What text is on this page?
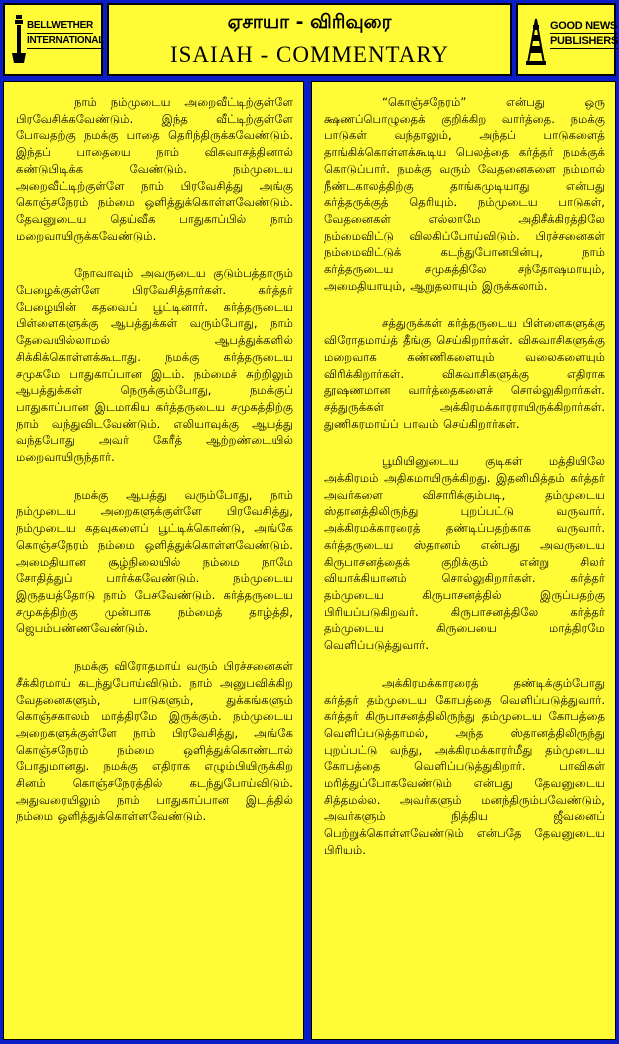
BELLWETHER
INTERNATIONAL
ஏசாயா - விரிவுரை
ISAIAH - COMMENTARY
GOOD NEWS
PUBLISHERS

நாம் நம்முடைய அறைவீட்டிற்குள்ளே பிரவேசிக்கவேண்டும். இந்த வீட்டிற்குள்ளே போவதற்கு நமக்கு பாதை தெரிந்திருக்கவேண்டும். இந்தப் பாதையை நாம் விசுவாசத்தினால் கண்டுபிடிக்க வேண்டும். நம்முடைய அறைவீட்டிற்குள்ளே நாம் பிரவேசித்து அங்கு கொஞ்சநேரம் நம்மை ஒளித்துக்கொள்ளவேண்டும். தேவனுடைய தெய்வீக பாதுகாப்பில் நாம் மறைவாயிருக்கவேண்டும்.

நோவாவும் அவருடைய குடும்பத்தாரும் பேழைக்குள்ளே பிரவேசித்தார்கள். கர்த்தர் பேழையின் கதவைப் பூட்டினார். கர்த்தருடைய பிள்ளைகளுக்கு ஆபத்துக்கள் வரும்போது, நாம் தேவையில்லாமல் ஆபத்துக்களில் சிக்கிக்கொள்ளக்கூடாது. நமக்கு கர்த்தருடைய சமுகமே பாதுகாப்பான இடம். நம்மைச் சுற்றிலும் ஆபத்துக்கள் நெருக்கும்போது, நமக்குப் பாதுகாப்பான இடமாகிய கர்த்தருடைய சமுகத்திற்கு நாம் வந்துவிடவேண்டும். எலியாவுக்கு ஆபத்து வந்தபோது அவர் கேரீத் ஆற்றண்டையில் மறைவாயிருந்தார்.

நமக்கு ஆபத்து வரும்போது, நாம் நம்முடைய அறைகளுக்குள்ளே பிரவேசித்து, நம்முடைய கதவுகளைப் பூட்டிக்கொண்டு, அங்கே கொஞ்சநேரம் நம்மை ஒளித்துக்கொள்ளவேண்டும். அமைதியான சூழ்நிலையில் நம்மை நாமே சோதித்துப் பார்க்கவேண்டும். நம்முடைய இருதயத்தோடு நாம் பேசவேண்டும். கர்த்தருடைய சமுகத்திற்கு முன்பாக நம்மைத் தாழ்த்தி, ஜெபம்பண்ணவேண்டும்.

நமக்கு விரோதமாய் வரும் பிரச்சனைகள் சீக்கிரமாய் கடந்துபோய்விடும். நாம் அனுபவிக்கிற வேதனைகளும், பாடுகளும், துக்கங்களும் கொஞ்சகாலம் மாத்திரமே இருக்கும். நம்முடைய அறைகளுக்குள்ளே நாம் பிரவேசித்து, அங்கே கொஞ்சநேரம் நம்மை ஒளித்துக்கொண்டால் போதுமானது. நமக்கு எதிராக எழும்பியிருக்கிற சினம் கொஞ்சநேரத்தில் கடந்துபோய்விடும். அதுவரையிலும் நாம் பாதுகாப்பான இடத்தில் நம்மை ஒளித்துக்கொள்ளவேண்டும்.

“கொஞ்சநேரம்” என்பது ஒரு க்ஷணப்பொழுதைக் குறிக்கிற வார்த்தை. நமக்கு பாடுகள் வந்தாலும், அந்தப் பாடுகளைத் தாங்கிக்கொள்ளக்கூடிய பெலத்தை கர்த்தர் நமக்குக் கொடுப்பார். நமக்கு வரும் வேதனைகளை நம்மால் நீண்டகாலத்திற்கு தாங்கமுடியாது என்பது கர்த்தருக்குத் தெரியும். நம்முடைய பாடுகள், வேதனைகள் எல்லாமே அதிசீக்கிரத்திலே நம்மைவிட்டு விலகிப்போய்விடும். பிரச்சனைகள் நம்மைவிட்டுக் கடந்துபோனபின்பு, நாம் கர்த்தருடைய சமுகத்திலே சந்தோஷமாயும், அமைதியாயும், ஆறுதலாயும் இருக்கலாம்.

சத்துருக்கள் கர்த்தருடைய பிள்ளைகளுக்கு விரோதமாய்த் தீங்கு செய்கிறார்கள். விசுவாசிகளுக்கு மறைவாக கண்ணிகளையும் வலைகளையும் விரிக்கிறார்கள். விசுவாசிகளுக்கு எதிராக தூஷணமான வார்த்தைகளைச் சொல்லுகிறார்கள். சத்துருக்கள் அக்கிரமக்காரராயிருக்கிறார்கள். துணிகரமாய்ப் பாவம் செய்கிறார்கள்.

பூமியினுடைய குடிகள் மத்தியிலே அக்கிரமம் அதிகமாயிருக்கிறது. இதனிமித்தம் கர்த்தர் அவர்களை விசாரிக்கும்படி, தம்முடைய ஸ்தானத்திலிருந்து புறப்பட்டு வருவார். அக்கிரமக்காரரைத் தண்டிப்பதற்காக வருவார். கர்த்தருடைய ஸ்தானம் என்பது அவருடைய கிருபாசனத்தைக் குறிக்கும் என்று சிலர் வியாக்கியானம் சொல்லுகிறார்கள். கர்த்தர் தம்முடைய கிருபாசனத்தில் இருப்பதற்கு பிரியப்படுகிறவர். கிருபாசனத்திலே கர்த்தர் தம்முடைய கிருபையை மாத்திரமே வெளிப்படுத்துவார்.

அக்கிரமக்காரரைத் தண்டிக்கும்போது கர்த்தர் தம்முடைய கோபத்தை வெளிப்படுத்துவார். கர்த்தர் கிருபாசனத்திலிருந்து தம்முடைய கோபத்தை வெளிப்படுத்தாமல், அந்த ஸ்தானத்திலிருந்து புறப்பட்டு வந்து, அக்கிரமக்காரர்மீது தம்முடைய கோபத்தை வெளிப்படுத்துகிறார். பாவிகள் மரித்துப்போகவேண்டும் என்பது தேவனுடைய சித்தமல்ல. அவர்களும் மனந்திரும்பவேண்டும், அவர்களும் நித்திய ஜீவனைப் பெற்றுக்கொள்ளவேண்டும் என்பதே தேவனுடைய பிரியம்.
